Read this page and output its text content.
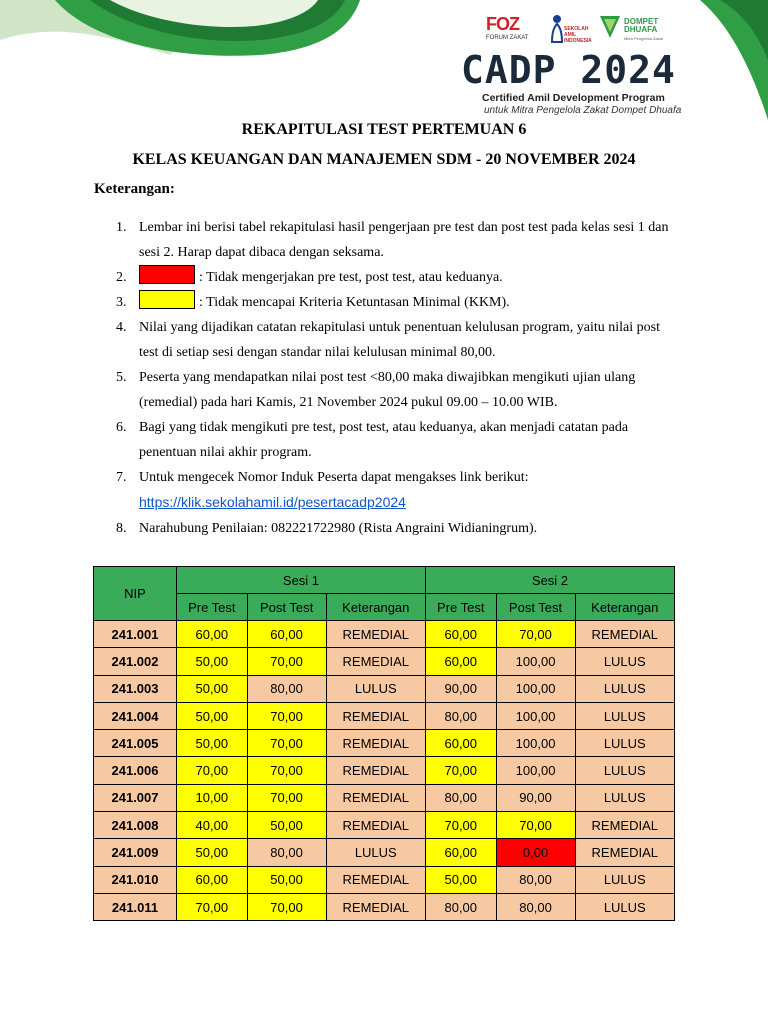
FOZ
FORUM ZAKAT
SEKOLAH
AMIL
INDONESIA
DOMPET
DHUAFA
Mitra Pengelola Zakat
CADP 2024
Certified Amil Development Program
untuk Mitra Pengelola Zakat Dompet Dhuafa
REKAPITULASI TEST PERTEMUAN 6
KELAS KEUANGAN DAN MANAJEMEN SDM - 20 NOVEMBER 2024
Keterangan:
1. Lembar ini berisi tabel rekapitulasi hasil pengerjaan pre test dan post test pada kelas sesi 1 dan sesi 2. Harap dapat dibaca dengan seksama.
2.	: Tidak mengerjakan pre test, post test, atau keduanya.
3.	: Tidak mencapai Kriteria Ketuntasan Minimal (KKM).
4. Nilai yang dijadikan catatan rekapitulasi untuk penentuan kelulusan program, yaitu nilai post test di setiap sesi dengan standar nilai kelulusan minimal 80,00.
5. Peserta yang mendapatkan nilai post test <80,00 maka diwajibkan mengikuti ujian ulang (remedial) pada hari Kamis, 21 November 2024 pukul 09.00 – 10.00 WIB.
6. Bagi yang tidak mengikuti pre test, post test, atau keduanya, akan menjadi catatan pada penentuan nilai akhir program.
7. Untuk mengecek Nomor Induk Peserta dapat mengakses link berikut:
https://klik.sekolahamil.id/pesertacadp2024
8. Narahubung Penilaian: 082221722980 (Rista Angraini Widianingrum).
NIP	Sesi 1			Sesi 2		
	Pre Test	Post Test	Keterangan	Pre Test	Post Test	Keterangan
241.001	60,00	60,00	REMEDIAL	60,00	70,00	REMEDIAL
241.002	50,00	70,00	REMEDIAL	60,00	100,00	LULUS
241.003	50,00	80,00	LULUS	90,00	100,00	LULUS
241.004	50,00	70,00	REMEDIAL	80,00	100,00	LULUS
241.005	50,00	70,00	REMEDIAL	60,00	100,00	LULUS
241.006	70,00	70,00	REMEDIAL	70,00	100,00	LULUS
241.007	10,00	70,00	REMEDIAL	80,00	90,00	LULUS
241.008	40,00	50,00	REMEDIAL	70,00	70,00	REMEDIAL
241.009	50,00	80,00	LULUS	60,00	0,00	REMEDIAL
241.010	60,00	50,00	REMEDIAL	50,00	80,00	LULUS
241.011	70,00	70,00	REMEDIAL	80,00	80,00	LULUS
